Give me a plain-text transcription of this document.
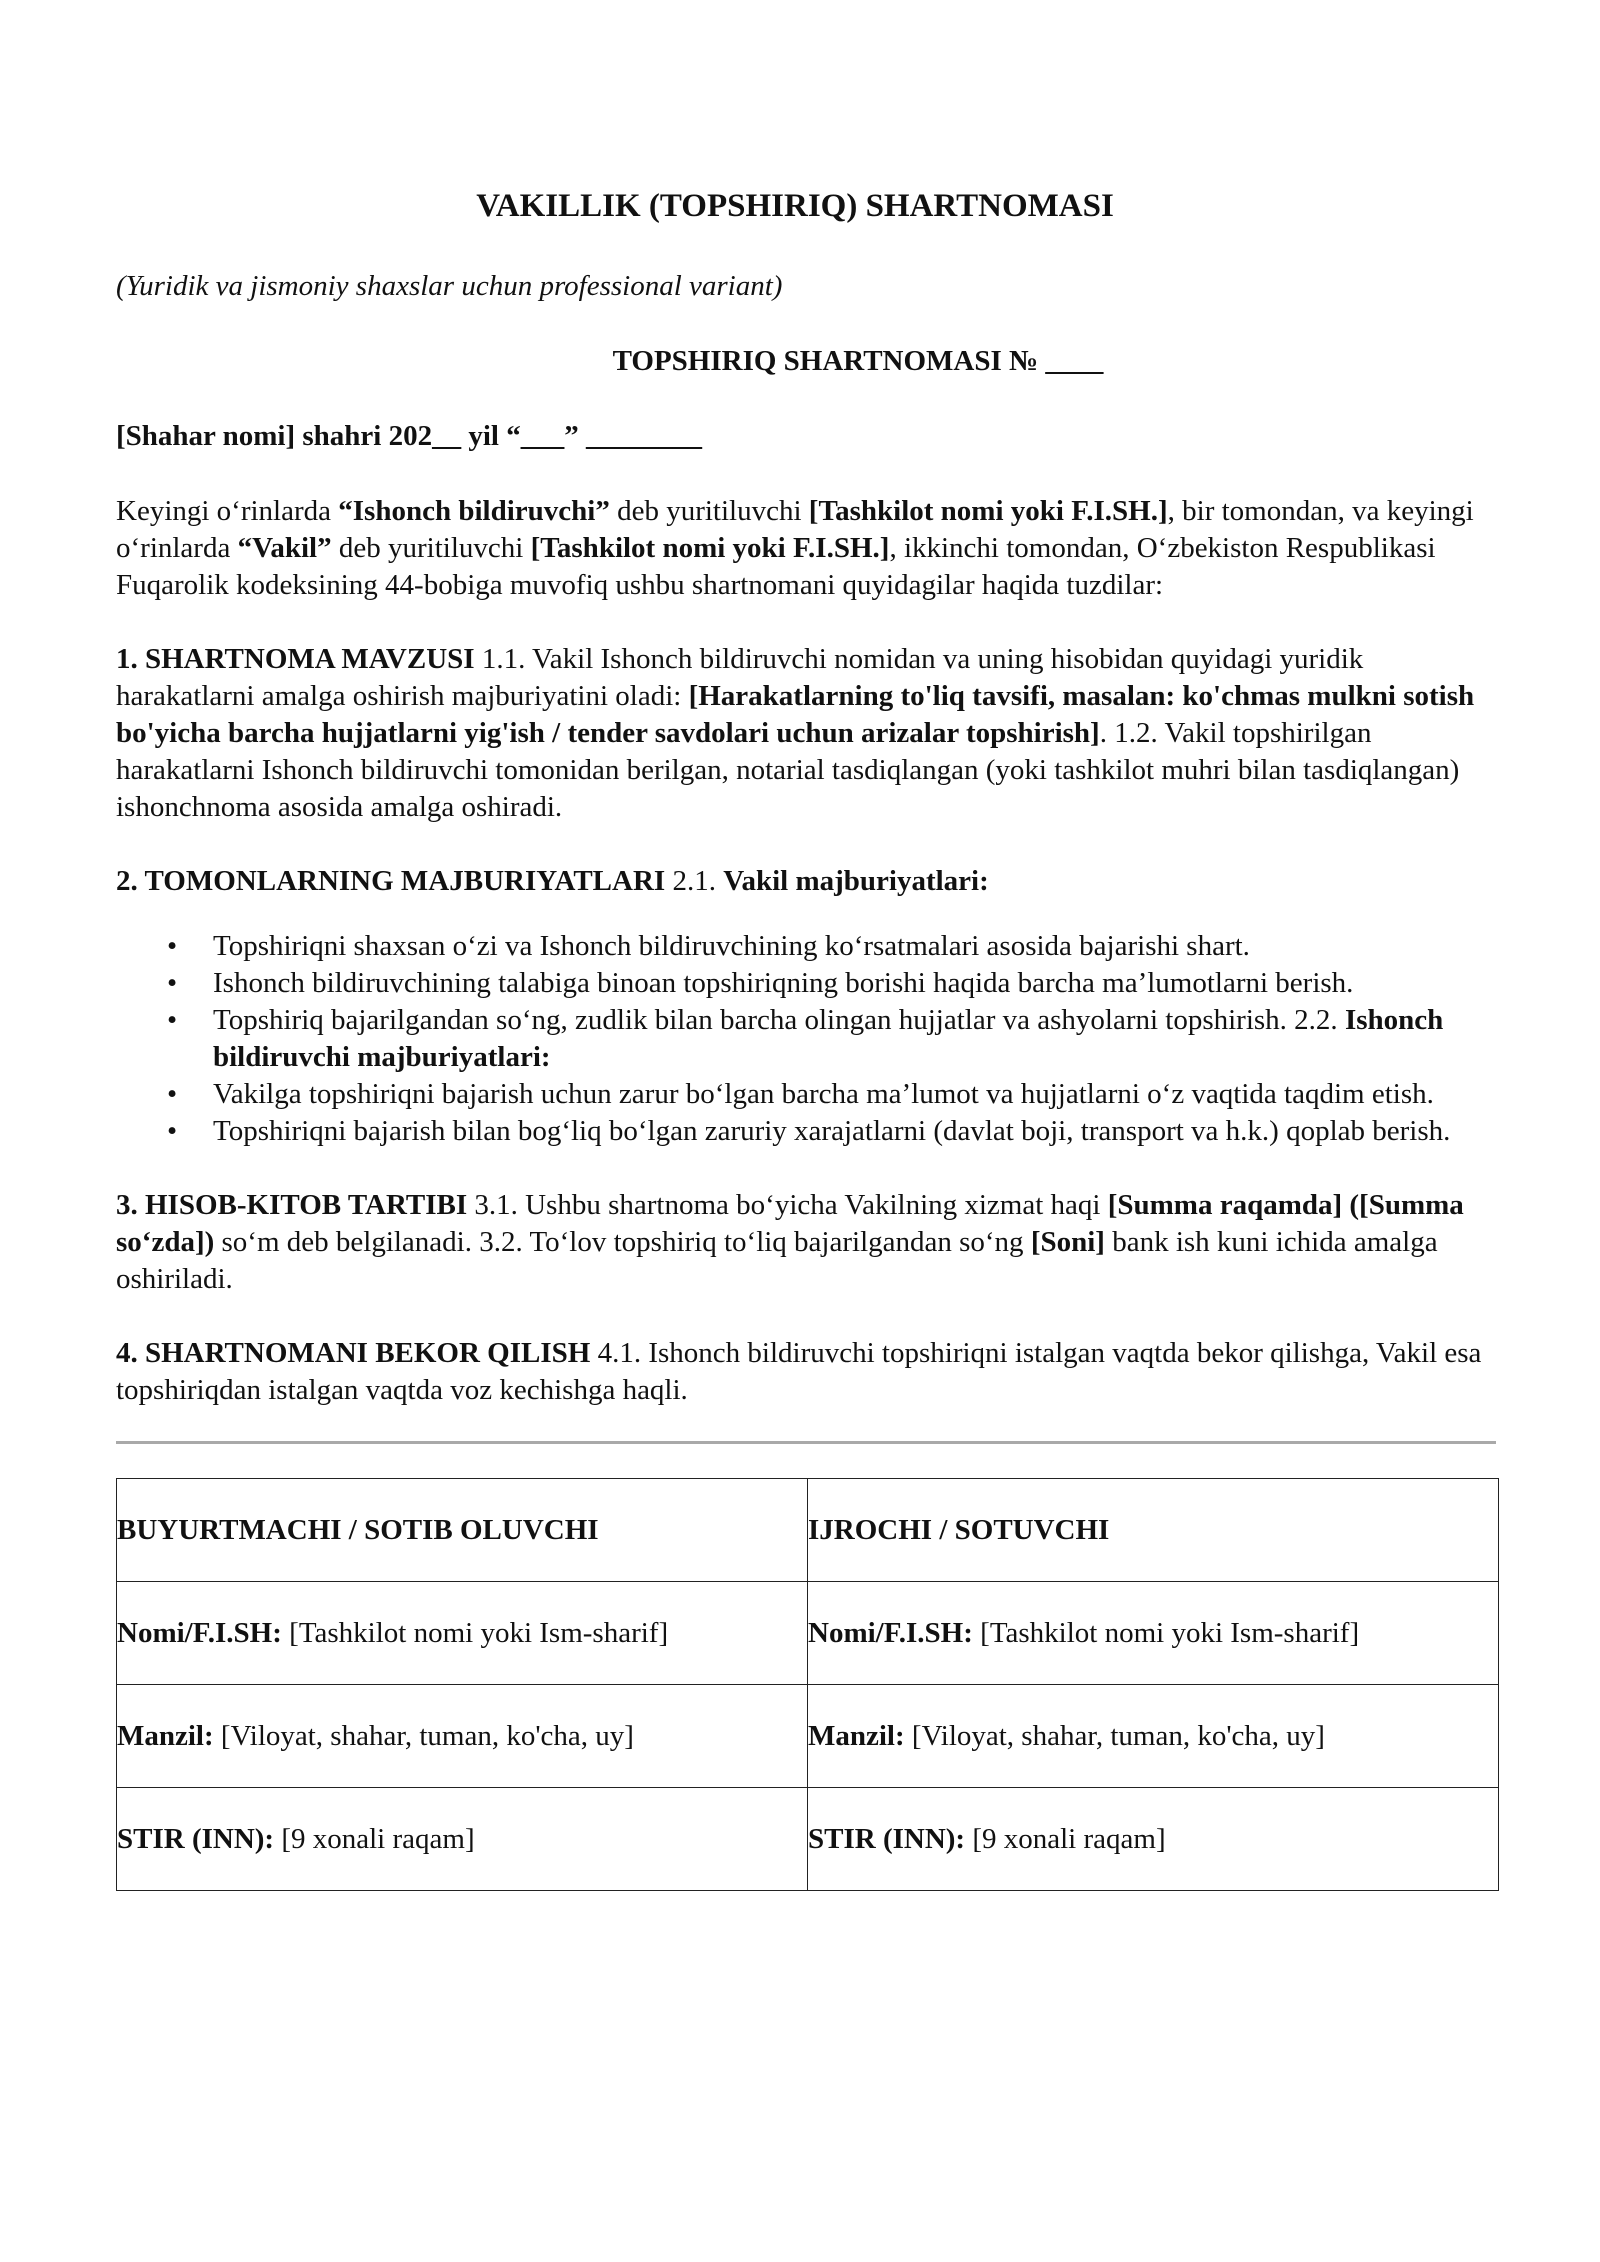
VAKILLIK (TOPSHIRIQ) SHARTNOMASI
(Yuridik va jismoniy shaxslar uchun professional variant)
TOPSHIRIQ SHARTNOMASI № ____
[Shahar nomi] shahri 202__ yil “___” ________

Keyingi o‘rinlarda “Ishonch bildiruvchi” deb yuritiluvchi [Tashkilot nomi yoki F.I.SH.], bir tomondan, va keyingi o‘rinlarda “Vakil” deb yuritiluvchi [Tashkilot nomi yoki F.I.SH.], ikkinchi tomondan, O‘zbekiston Respublikasi Fuqarolik kodeksining 44-bobiga muvofiq ushbu shartnomani quyidagilar haqida tuzdilar:

1. SHARTNOMA MAVZUSI 1.1. Vakil Ishonch bildiruvchi nomidan va uning hisobidan quyidagi yuridik harakatlarni amalga oshirish majburiyatini oladi: [Harakatlarning to'liq tavsifi, masalan: ko'chmas mulkni sotish bo'yicha barcha hujjatlarni yig'ish / tender savdolari uchun arizalar topshirish]. 1.2. Vakil topshirilgan harakatlarni Ishonch bildiruvchi tomonidan berilgan, notarial tasdiqlangan (yoki tashkilot muhri bilan tasdiqlangan) ishonchnoma asosida amalga oshiradi.

2. TOMONLARNING MAJBURIYATLARI 2.1. Vakil majburiyatlari:

• Topshiriqni shaxsan o‘zi va Ishonch bildiruvchining ko‘rsatmalari asosida bajarishi shart.
• Ishonch bildiruvchining talabiga binoan topshiriqning borishi haqida barcha ma’lumotlarni berish.
• Topshiriq bajarilgandan so‘ng, zudlik bilan barcha olingan hujjatlar va ashyolarni topshirish. 2.2. Ishonch bildiruvchi majburiyatlari:
• Vakilga topshiriqni bajarish uchun zarur bo‘lgan barcha ma’lumot va hujjatlarni o‘z vaqtida taqdim etish.
• Topshiriqni bajarish bilan bog‘liq bo‘lgan zaruriy xarajatlarni (davlat boji, transport va h.k.) qoplab berish.

3. HISOB-KITOB TARTIBI 3.1. Ushbu shartnoma bo‘yicha Vakilning xizmat haqi [Summa raqamda] ([Summa so‘zda]) so‘m deb belgilanadi. 3.2. To‘lov topshiriq to‘liq bajarilgandan so‘ng [Soni] bank ish kuni ichida amalga oshiriladi.

4. SHARTNOMANI BEKOR QILISH 4.1. Ishonch bildiruvchi topshiriqni istalgan vaqtda bekor qilishga, Vakil esa topshiriqdan istalgan vaqtda voz kechishga haqli.

BUYURTMACHI / SOTIB OLUVCHI	IJROCHI / SOTUVCHI
Nomi/F.I.SH: [Tashkilot nomi yoki Ism-sharif]	Nomi/F.I.SH: [Tashkilot nomi yoki Ism-sharif]
Manzil: [Viloyat, shahar, tuman, ko'cha, uy]	Manzil: [Viloyat, shahar, tuman, ko'cha, uy]
STIR (INN): [9 xonali raqam]	STIR (INN): [9 xonali raqam]
